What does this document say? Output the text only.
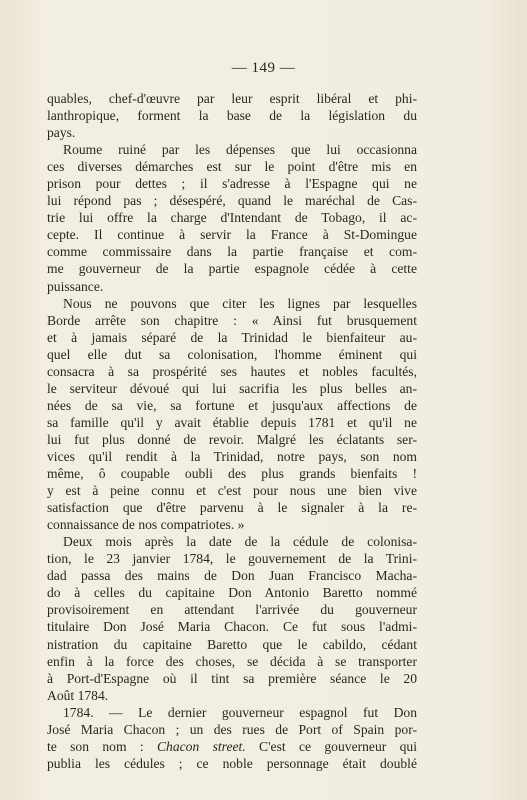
— 149 —
quables, chef-d'œuvre par leur esprit libéral et phi-
lanthropique, forment la base de la législation du
pays.
Roume ruiné par les dépenses que lui occasionna
ces diverses démarches est sur le point d'être mis en
prison pour dettes ; il s'adresse à l'Espagne qui ne
lui répond pas ; désespéré, quand le maréchal de Cas-
trie lui offre la charge d'Intendant de Tobago, il ac-
cepte. Il continue à servir la France à St-Domingue
comme commissaire dans la partie française et com-
me gouverneur de la partie espagnole cédée à cette
puissance.
Nous ne pouvons que citer les lignes par lesquelles
Borde arrête son chapitre : « Ainsi fut brusquement
et à jamais séparé de la Trinidad le bienfaiteur au-
quel elle dut sa colonisation, l'homme éminent qui
consacra à sa prospérité ses hautes et nobles facultés,
le serviteur dévoué qui lui sacrifia les plus belles an-
nées de sa vie, sa fortune et jusqu'aux affections de
sa famille qu'il y avait établie depuis 1781 et qu'il ne
lui fut plus donné de revoir. Malgré les éclatants ser-
vices qu'il rendit à la Trinidad, notre pays, son nom
même, ô coupable oubli des plus grands bienfaits !
y est à peine connu et c'est pour nous une bien vive
satisfaction que d'être parvenu à le signaler à la re-
connaissance de nos compatriotes. »
Deux mois après la date de la cédule de colonisa-
tion, le 23 janvier 1784, le gouvernement de la Trini-
dad passa des mains de Don Juan Francisco Macha-
do à celles du capitaine Don Antonio Baretto nommé
provisoirement en attendant l'arrivée du gouverneur
titulaire Don José Maria Chacon. Ce fut sous l'admi-
nistration du capitaine Baretto que le cabildo, cédant
enfin à la force des choses, se décida à se transporter
à Port-d'Espagne où il tint sa première séance le 20
Août 1784.
1784. — Le dernier gouverneur espagnol fut Don
José Maria Chacon ; un des rues de Port of Spain por-
te son nom : Chacon street. C'est ce gouverneur qui
publia les cédules ; ce noble personnage était doublé
